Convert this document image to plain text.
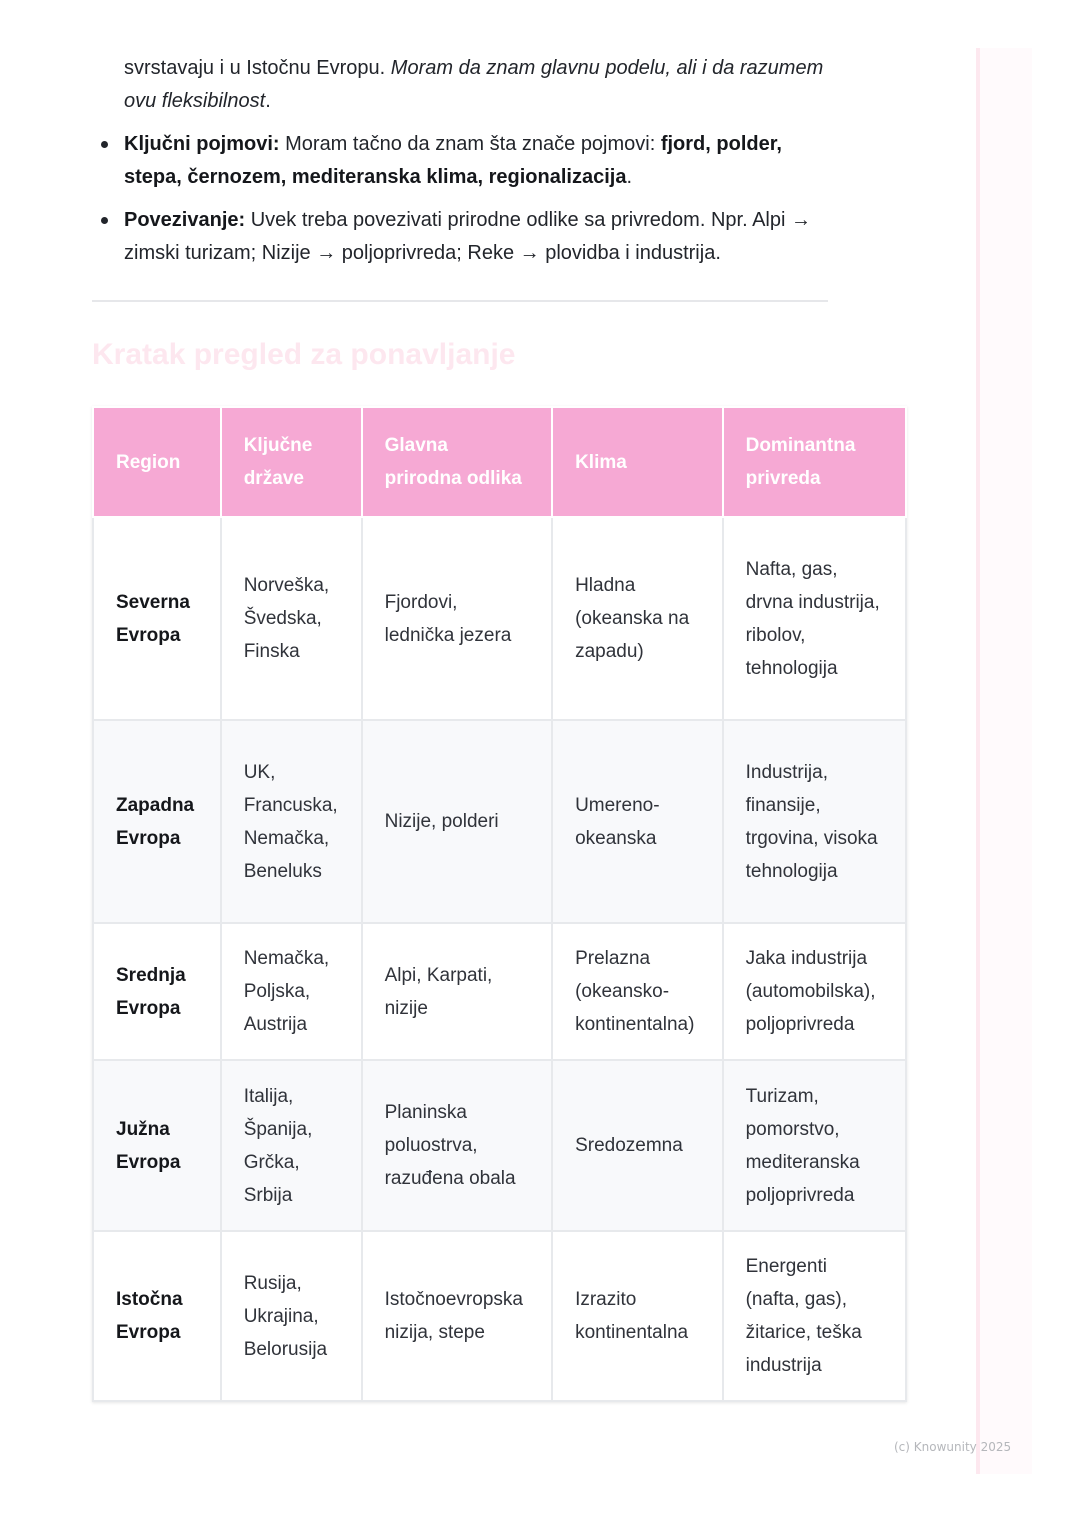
svrstavaju i u Istočnu Evropu. Moram da znam glavnu podelu, ali i da razumem ovu fleksibilnost.

Ključni pojmovi: Moram tačno da znam šta znače pojmovi: fjord, polder, stepa, černozem, mediteranska klima, regionalizacija.
Povezivanje: Uvek treba povezivati prirodne odlike sa privredom. Npr. Alpi → zimski turizam; Nizije → poljoprivreda; Reke → plovidba i industrija.
Kratak pregled za ponavljanje
Region	Ključne države	Glavna prirodna odlika	Klima	Dominantna privreda
Severna Evropa	Norveška, Švedska, Finska	Fjordovi, lednička jezera	Hladna (okeanska na zapadu)	Nafta, gas, drvna industrija, ribolov, tehnologija
Zapadna Evropa	UK, Francuska, Nemačka, Beneluks	Nizije, polderi	Umereno-okeanska	Industrija, finansije, trgovina, visoka tehnologija
Srednja Evropa	Nemačka, Poljska, Austrija	Alpi, Karpati, nizije	Prelazna (okeansko-kontinentalna)	Jaka industrija (automobilska), poljoprivreda
Južna Evropa	Italija, Španija, Grčka, Srbija	Planinska poluostrva, razuđena obala	Sredozemna	Turizam, pomorstvo, mediteranska poljoprivreda
Istočna Evropa	Rusija, Ukrajina, Belorusija	Istočnoevropska nizija, stepe	Izrazito kontinentalna	Energenti (nafta, gas), žitarice, teška industrija
(c) Knowunity 2025
